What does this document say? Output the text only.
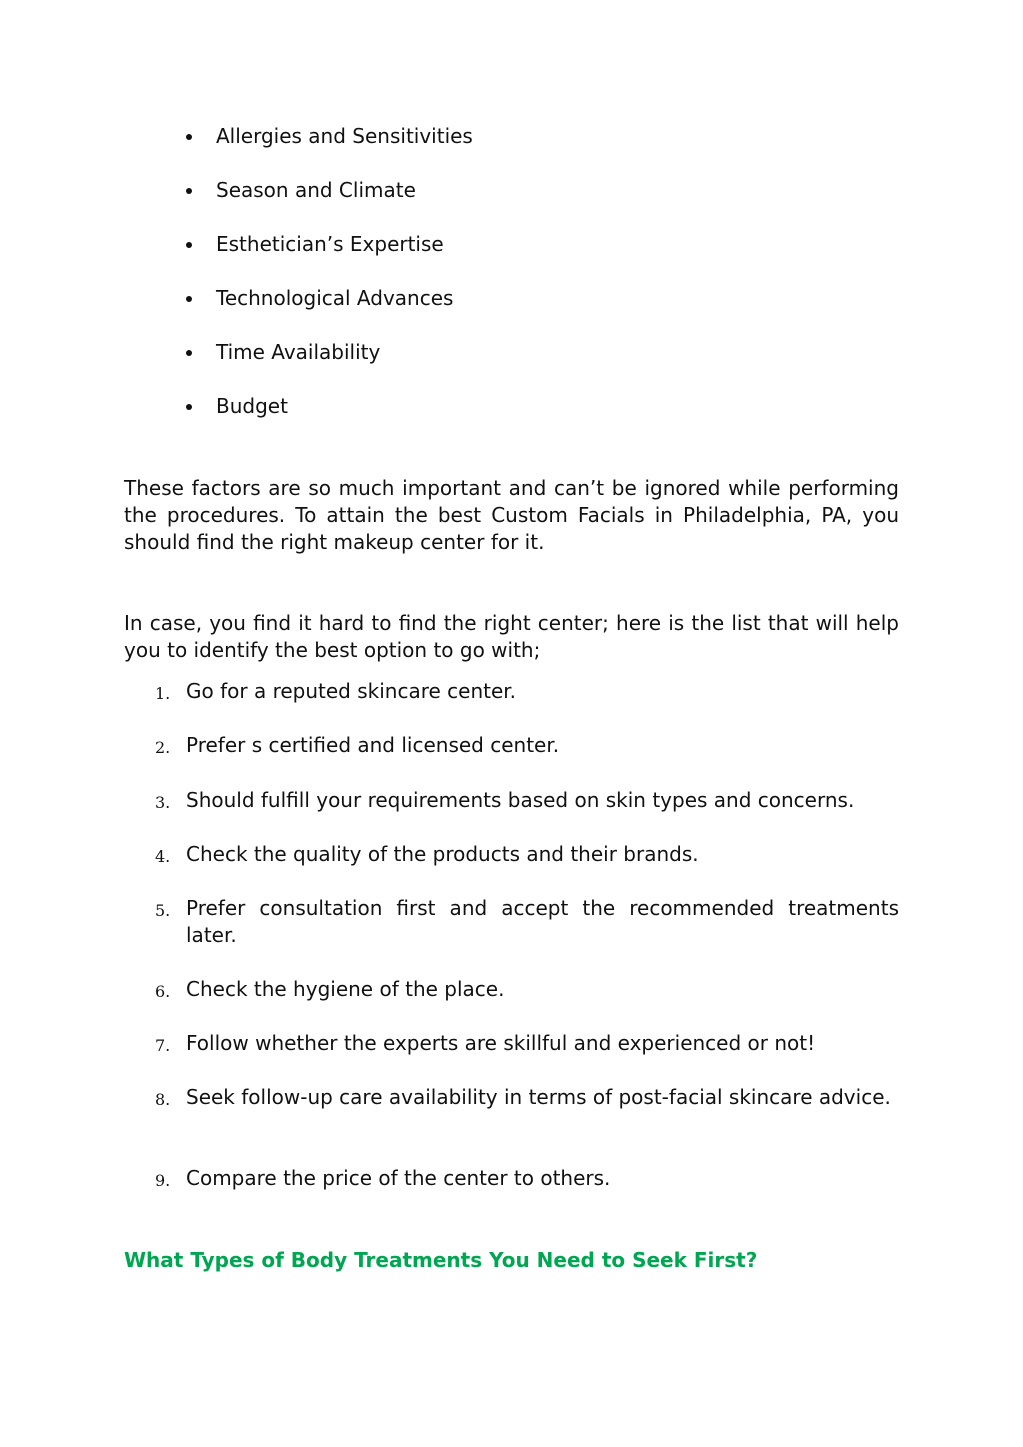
Allergies and Sensitivities
Season and Climate
Esthetician’s Expertise
Technological Advances
Time Availability
Budget

These factors are so much important and can’t be ignored while performing the procedures. To attain the best Custom Facials in Philadelphia, PA, you should find the right makeup center for it.

In case, you find it hard to find the right center; here is the list that will help you to identify the best option to go with;

1. Go for a reputed skincare center.
2. Prefer s certified and licensed center.
3. Should fulfill your requirements based on skin types and concerns.
4. Check the quality of the products and their brands.
5. Prefer consultation first and accept the recommended treatments later.
6. Check the hygiene of the place.
7. Follow whether the experts are skillful and experienced or not!
8. Seek follow-up care availability in terms of post-facial skincare advice.
9. Compare the price of the center to others.
What Types of Body Treatments You Need to Seek First?
